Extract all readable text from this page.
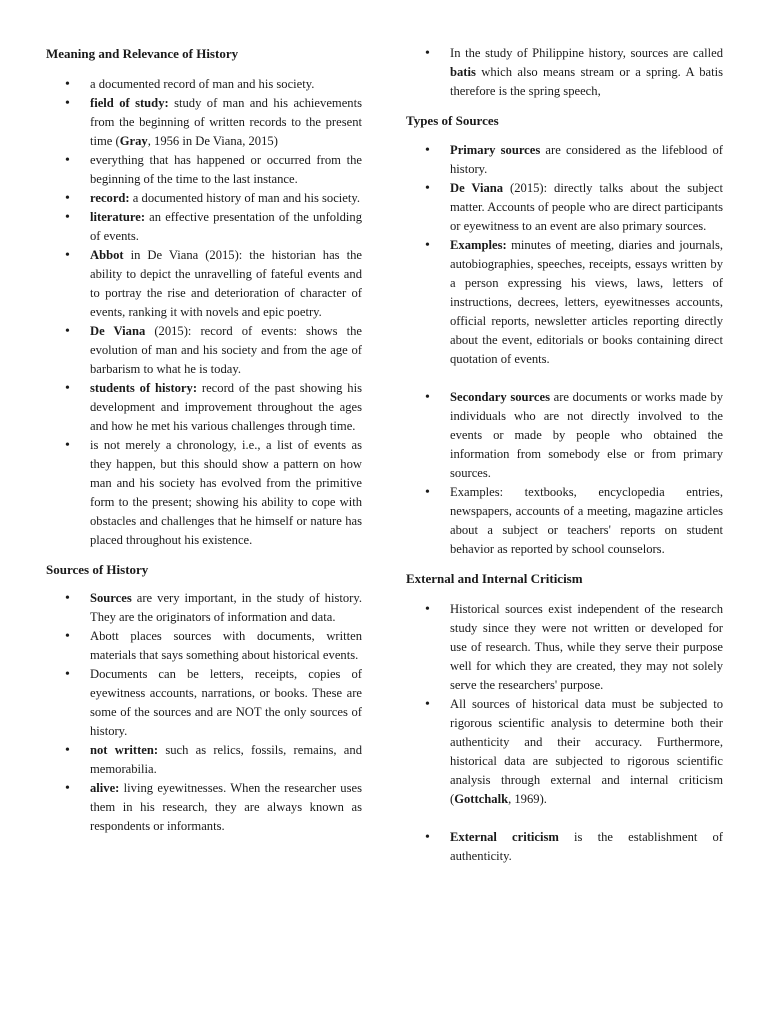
Meaning and Relevance of History
• a documented record of man and his society.
• field of study: study of man and his achievements from the beginning of written records to the present time (Gray, 1956 in De Viana, 2015)
• everything that has happened or occurred from the beginning of the time to the last instance.
• record: a documented history of man and his society.
• literature: an effective presentation of the unfolding of events.
• Abbot in De Viana (2015): the historian has the ability to depict the unravelling of fateful events and to portray the rise and deterioration of character of events, ranking it with novels and epic poetry.
• De Viana (2015): record of events: shows the evolution of man and his society and from the age of barbarism to what he is today.
• students of history: record of the past showing his development and improvement throughout the ages and how he met his various challenges through time.
• is not merely a chronology, i.e., a list of events as they happen, but this should show a pattern on how man and his society has evolved from the primitive form to the present; showing his ability to cope with obstacles and challenges that he himself or nature has placed throughout his existence.
Sources of History
• Sources are very important, in the study of history. They are the originators of information and data.
• Abott places sources with documents, written materials that says something about historical events.
• Documents can be letters, receipts, copies of eyewitness accounts, narrations, or books. These are some of the sources and are NOT the only sources of history.
• not written: such as relics, fossils, remains, and memorabilia.
• alive: living eyewitnesses. When the researcher uses them in his research, they are always known as respondents or informants.
• In the study of Philippine history, sources are called batis which also means stream or a spring. A batis therefore is the spring speech,
Types of Sources
• Primary sources are considered as the lifeblood of history.
• De Viana (2015): directly talks about the subject matter. Accounts of people who are direct participants or eyewitness to an event are also primary sources.
• Examples: minutes of meeting, diaries and journals, autobiographies, speeches, receipts, essays written by a person expressing his views, laws, letters of instructions, decrees, letters, eyewitnesses accounts, official reports, newsletter articles reporting directly about the event, editorials or books containing direct quotation of events.
• Secondary sources are documents or works made by individuals who are not directly involved to the events or made by people who obtained the information from somebody else or from primary sources.
• Examples: textbooks, encyclopedia entries, newspapers, accounts of a meeting, magazine articles about a subject or teachers' reports on student behavior as reported by school counselors.
External and Internal Criticism
• Historical sources exist independent of the research study since they were not written or developed for use of research. Thus, while they serve their purpose well for which they are created, they may not solely serve the researchers' purpose.
• All sources of historical data must be subjected to rigorous scientific analysis to determine both their authenticity and their accuracy. Furthermore, historical data are subjected to rigorous scientific analysis through external and internal criticism (Gottchalk, 1969).
• External criticism is the establishment of authenticity.
